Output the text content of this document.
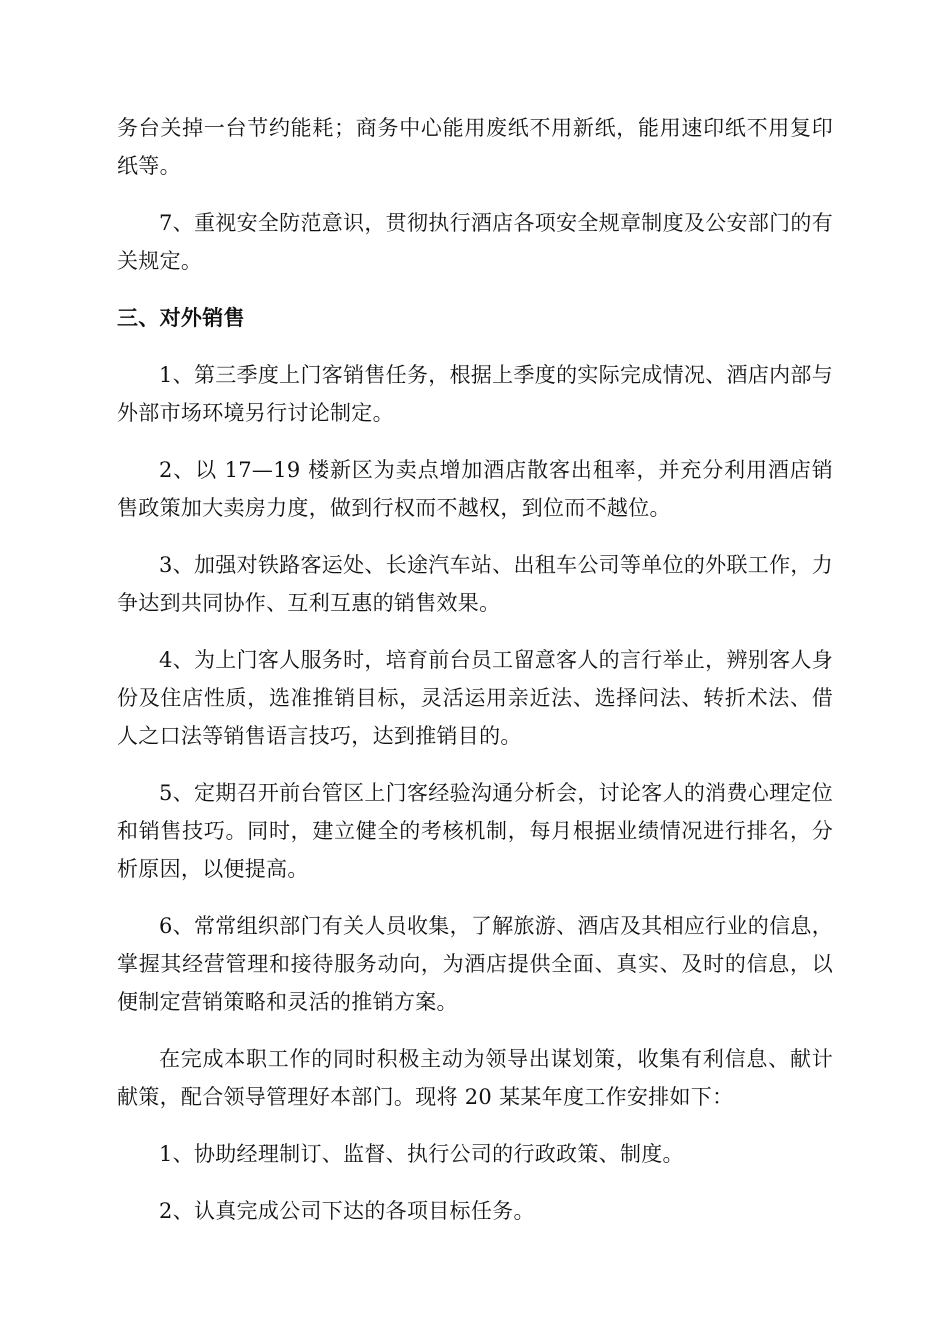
务台关掉一台节约能耗；商务中心能用废纸不用新纸，能用速印纸不用复印纸等。

7、重视安全防范意识，贯彻执行酒店各项安全规章制度及公安部门的有关规定。

三、对外销售

1、第三季度上门客销售任务，根据上季度的实际完成情况、酒店内部与外部市场环境另行讨论制定。

2、以 17—19 楼新区为卖点增加酒店散客出租率，并充分利用酒店销售政策加大卖房力度，做到行权而不越权，到位而不越位。

3、加强对铁路客运处、长途汽车站、出租车公司等单位的外联工作，力争达到共同协作、互利互惠的销售效果。

4、为上门客人服务时，培育前台员工留意客人的言行举止，辨别客人身份及住店性质，选准推销目标，灵活运用亲近法、选择问法、转折术法、借人之口法等销售语言技巧，达到推销目的。

5、定期召开前台管区上门客经验沟通分析会，讨论客人的消费心理定位和销售技巧。同时，建立健全的考核机制，每月根据业绩情况进行排名，分析原因，以便提高。

6、常常组织部门有关人员收集，了解旅游、酒店及其相应行业的信息，掌握其经营管理和接待服务动向，为酒店提供全面、真实、及时的信息，以便制定营销策略和灵活的推销方案。

在完成本职工作的同时积极主动为领导出谋划策，收集有利信息、献计献策，配合领导管理好本部门。现将 20 某某年度工作安排如下：

1、协助经理制订、监督、执行公司的行政政策、制度。

2、认真完成公司下达的各项目标任务。
